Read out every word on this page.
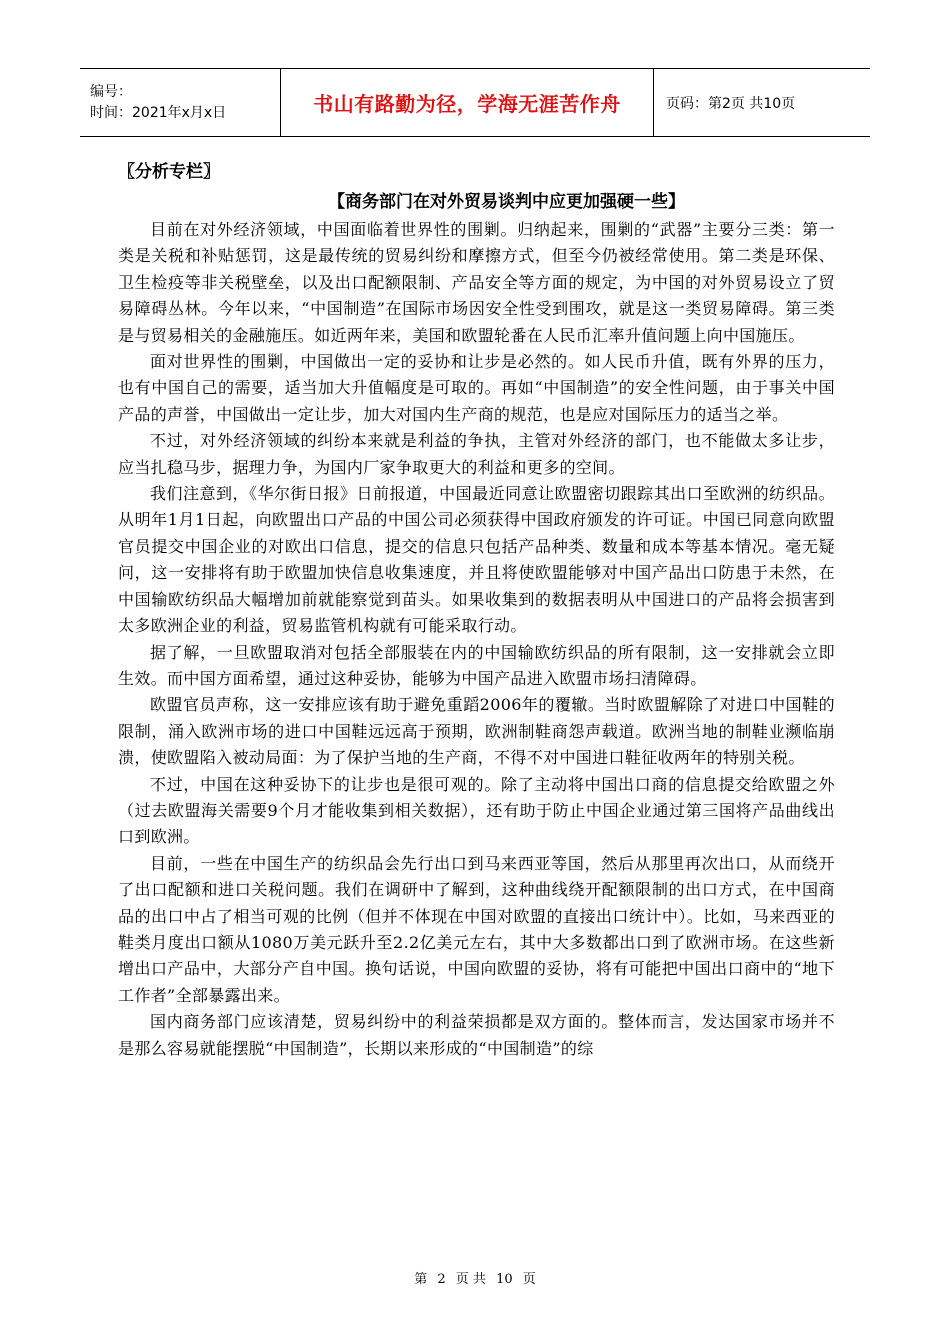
编号：
时间：2021年x月x日	书山有路勤为径，学海无涯苦作舟	页码：第2页 共10页
〖分析专栏〗
【商务部门在对外贸易谈判中应更加强硬一些】

目前在对外经济领域，中国面临着世界性的围剿。归纳起来，围剿的“武器”主要分三类：第一类是关税和补贴惩罚，这是最传统的贸易纠纷和摩擦方式，但至今仍被经常使用。第二类是环保、卫生检疫等非关税壁垒，以及出口配额限制、产品安全等方面的规定，为中国的对外贸易设立了贸易障碍丛林。今年以来，“中国制造”在国际市场因安全性受到围攻，就是这一类贸易障碍。第三类是与贸易相关的金融施压。如近两年来，美国和欧盟轮番在人民币汇率升值问题上向中国施压。

面对世界性的围剿，中国做出一定的妥协和让步是必然的。如人民币升值，既有外界的压力，也有中国自己的需要，适当加大升值幅度是可取的。再如“中国制造”的安全性问题，由于事关中国产品的声誉，中国做出一定让步，加大对国内生产商的规范，也是应对国际压力的适当之举。

不过，对外经济领域的纠纷本来就是利益的争执，主管对外经济的部门，也不能做太多让步，应当扎稳马步，据理力争，为国内厂家争取更大的利益和更多的空间。

我们注意到，《华尔街日报》日前报道，中国最近同意让欧盟密切跟踪其出口至欧洲的纺织品。从明年1月1日起，向欧盟出口产品的中国公司必须获得中国政府颁发的许可证。中国已同意向欧盟官员提交中国企业的对欧出口信息，提交的信息只包括产品种类、数量和成本等基本情况。毫无疑问，这一安排将有助于欧盟加快信息收集速度，并且将使欧盟能够对中国产品出口防患于未然，在中国输欧纺织品大幅增加前就能察觉到苗头。如果收集到的数据表明从中国进口的产品将会损害到太多欧洲企业的利益，贸易监管机构就有可能采取行动。

据了解，一旦欧盟取消对包括全部服装在内的中国输欧纺织品的所有限制，这一安排就会立即生效。而中国方面希望，通过这种妥协，能够为中国产品进入欧盟市场扫清障碍。

欧盟官员声称，这一安排应该有助于避免重蹈2006年的覆辙。当时欧盟解除了对进口中国鞋的限制，涌入欧洲市场的进口中国鞋远远高于预期，欧洲制鞋商怨声载道。欧洲当地的制鞋业濒临崩溃，使欧盟陷入被动局面：为了保护当地的生产商，不得不对中国进口鞋征收两年的特别关税。

不过，中国在这种妥协下的让步也是很可观的。除了主动将中国出口商的信息提交给欧盟之外（过去欧盟海关需要9个月才能收集到相关数据），还有助于防止中国企业通过第三国将产品曲线出口到欧洲。

目前，一些在中国生产的纺织品会先行出口到马来西亚等国，然后从那里再次出口，从而绕开了出口配额和进口关税问题。我们在调研中了解到，这种曲线绕开配额限制的出口方式，在中国商品的出口中占了相当可观的比例（但并不体现在中国对欧盟的直接出口统计中）。比如，马来西亚的鞋类月度出口额从1080万美元跃升至2.2亿美元左右，其中大多数都出口到了欧洲市场。在这些新增出口产品中，大部分产自中国。换句话说，中国向欧盟的妥协，将有可能把中国出口商中的“地下工作者”全部暴露出来。

国内商务部门应该清楚，贸易纠纷中的利益荣损都是双方面的。整体而言，发达国家市场并不是那么容易就能摆脱“中国制造”，长期以来形成的“中国制造”的综

第 2 页 共 10 页
